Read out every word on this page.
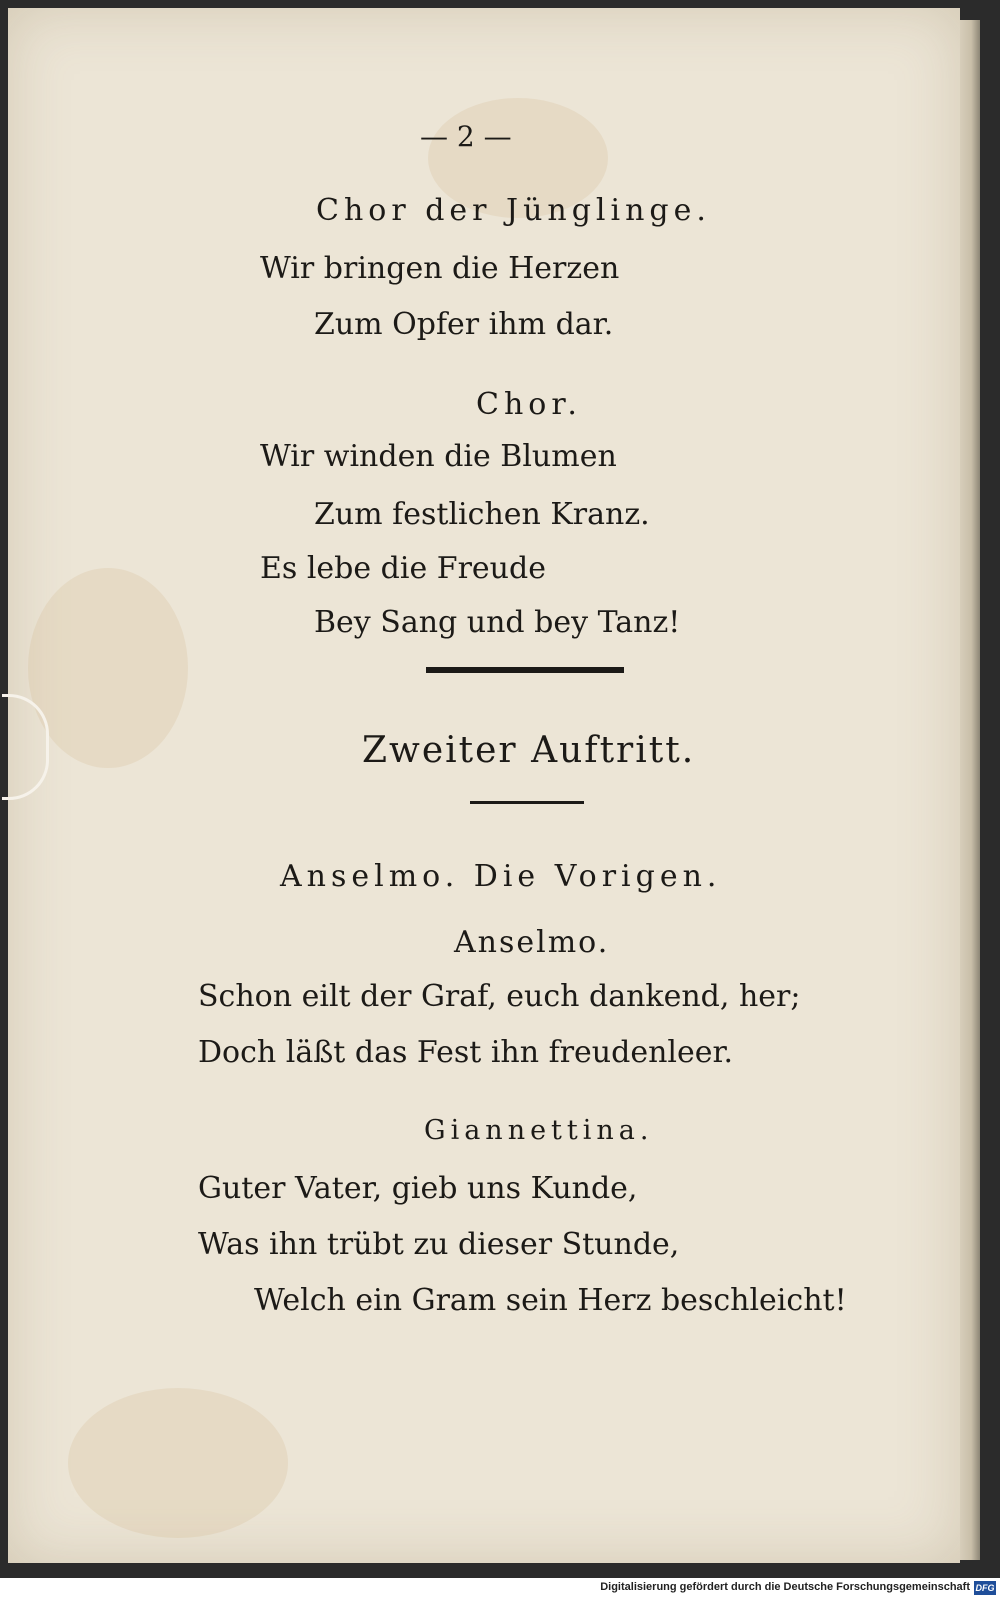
— 2 —
Chor der Jünglinge.
Wir bringen die Herzen
Zum Opfer ihm dar.
Chor.
Wir winden die Blumen
Zum festlichen Kranz.
Es lebe die Freude
Bey Sang und bey Tanz!
Zweiter Auftritt.
Anselmo. Die Vorigen.
Anselmo.
Schon eilt der Graf, euch dankend, her;
Doch läßt das Fest ihn freudenleer.
Giannettina.
Guter Vater, gieb uns Kunde,
Was ihn trübt zu dieser Stunde,
Welch ein Gram sein Herz beschleicht!
Digitalisierung gefördert durch die Deutsche Forschungsgemeinschaft DFG
